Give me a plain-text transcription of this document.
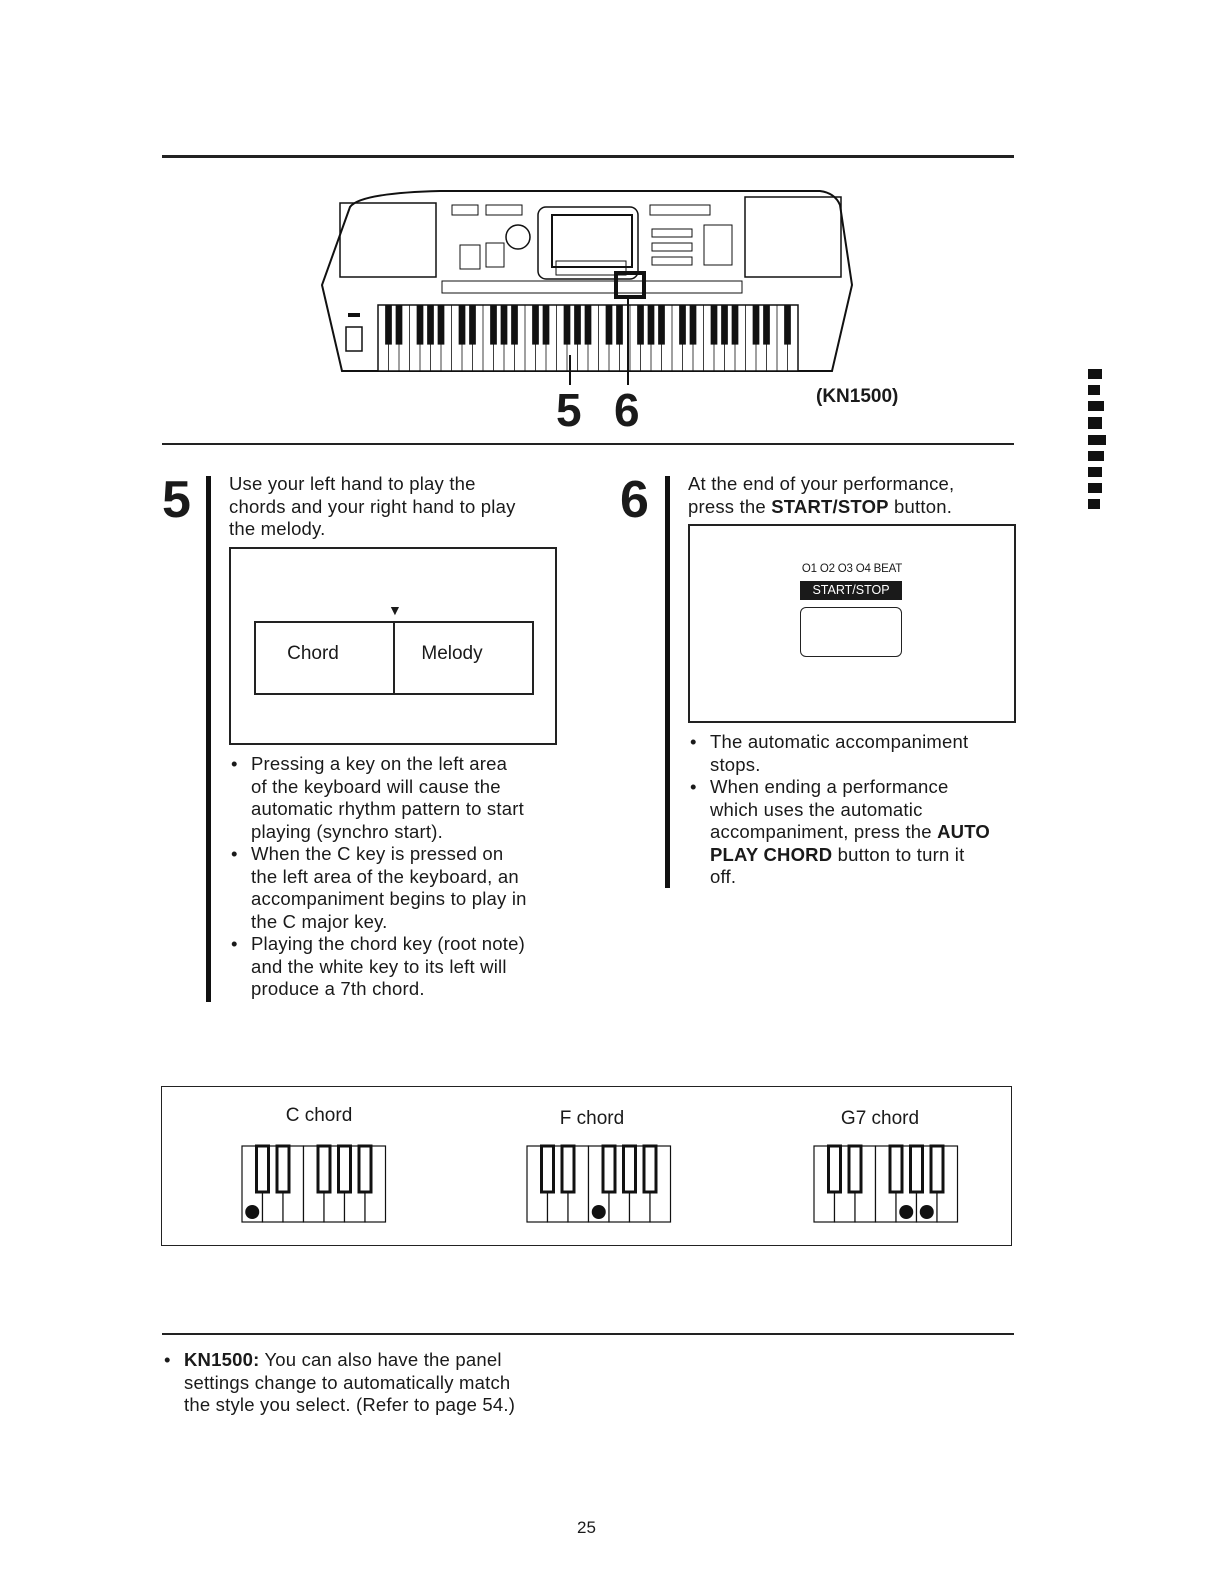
5 6	(KN1500)
5 Use your left hand to play the
chords and your right hand to play
the melody.
▼
Chord	Melody
• Pressing a key on the left area
of the keyboard will cause the
automatic rhythm pattern to start
playing (synchro start).
• When the C key is pressed on
the left area of the keyboard, an
accompaniment begins to play in
the C major key.
• Playing the chord key (root note)
and the white key to its left will
produce a 7th chord.
6 At the end of your performance,
press the START/STOP button.
O1 O2 O3 O4 BEAT
START/STOP
• The automatic accompaniment
stops.
• When ending a performance
which uses the automatic
accompaniment, press the AUTO
PLAY CHORD button to turn it
off.
C chord	F chord	G7 chord
• KN1500: You can also have the panel
settings change to automatically match
the style you select. (Refer to page 54.)
25
